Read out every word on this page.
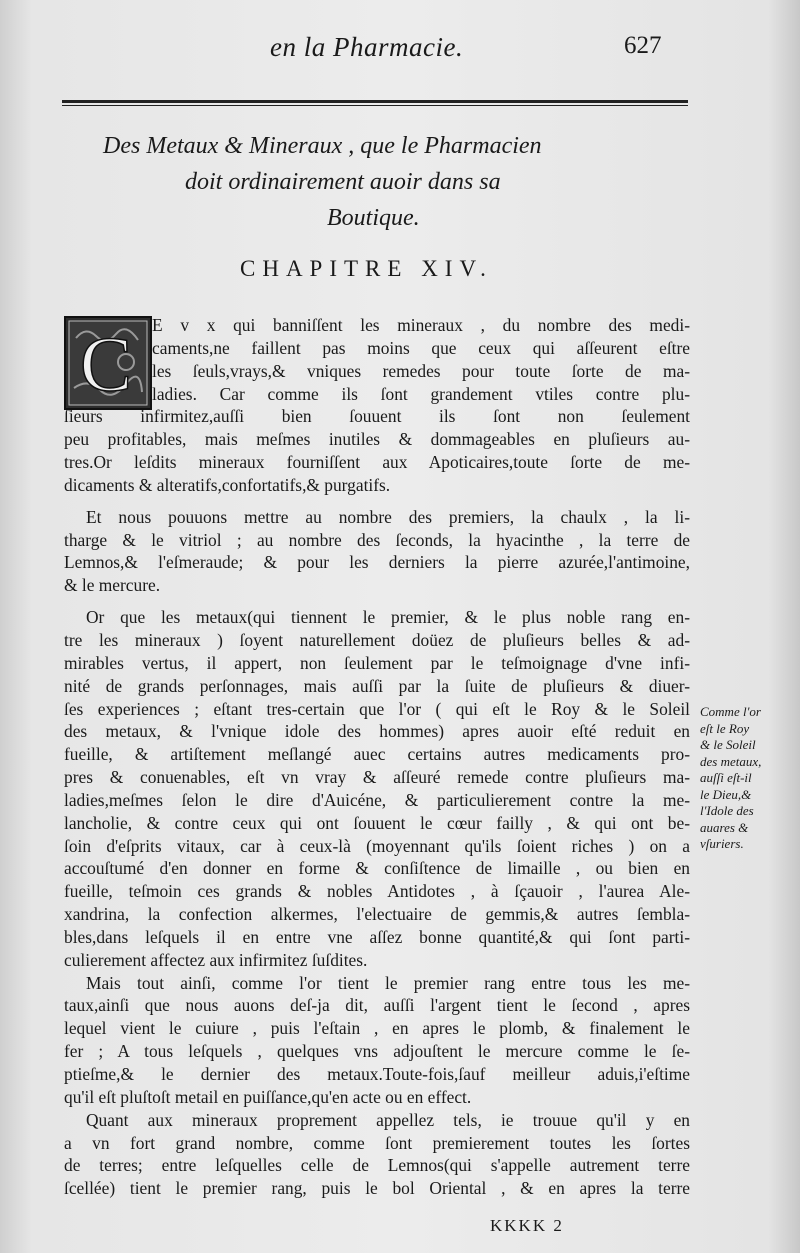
en la Pharmacie.	627
Des Metaux & Mineraux , que le Pharmacien
doit ordinairement auoir dans sa
Boutique.
CHAPITRE XIV.
C E v x qui banniſſent les mineraux , du nombre des medi-
caments,ne faillent pas moins que ceux qui aſſeurent eſtre
les ſeuls,vrays,& vniques remedes pour toute ſorte de ma-
ladies. Car comme ils ſont grandement vtiles contre plu-
ſieurs infirmitez,auſſi bien ſouuent ils ſont non ſeulement
peu profitables, mais meſmes inutiles & dommageables en pluſieurs au-
tres.Or leſdits mineraux fourniſſent aux Apoticaires,toute ſorte de me-
dicaments & alteratifs,confortatifs,& purgatifs.
Et nous pouuons mettre au nombre des premiers, la chaulx , la li-
tharge & le vitriol ; au nombre des ſeconds, la hyacinthe , la terre de
Lemnos,& l'eſmeraude; & pour les derniers la pierre azurée,l'antimoine,
& le mercure.
Or que les metaux(qui tiennent le premier, & le plus noble rang en-
tre les mineraux ) ſoyent naturellement doüez de pluſieurs belles & ad-
mirables vertus, il appert, non ſeulement par le teſmoignage d'vne infi-
nité de grands perſonnages, mais auſſi par la ſuite de pluſieurs & diuer-
ſes experiences ; eſtant tres-certain que l'or ( qui eſt le Roy & le Soleil
des metaux, & l'vnique idole des hommes) apres auoir eſté reduit en
fueille, & artiſtement meſlangé auec certains autres medicaments pro-
pres & conuenables, eſt vn vray & aſſeuré remede contre pluſieurs ma-
ladies,meſmes ſelon le dire d'Auicéne, & particulierement contre la me-
lancholie, & contre ceux qui ont ſouuent le cœur failly , & qui ont be-
ſoin d'eſprits vitaux, car à ceux-là (moyennant qu'ils ſoient riches ) on a
accouſtumé d'en donner en forme & conſiſtence de limaille , ou bien en
fueille, teſmoin ces grands & nobles Antidotes , à ſçauoir , l'aurea Ale-
xandrina, la confection alkermes, l'electuaire de gemmis,& autres ſembla-
bles,dans leſquels il en entre vne aſſez bonne quantité,& qui ſont parti-
culierement affectez aux infirmitez ſuſdites.
Mais tout ainſi, comme l'or tient le premier rang entre tous les me-
taux,ainſi que nous auons deſ-ja dit, auſſi l'argent tient le ſecond , apres
lequel vient le cuiure , puis l'eſtain , en apres le plomb, & finalement le
fer ; A tous leſquels , quelques vns adjouſtent le mercure comme le ſe-
ptieſme,& le dernier des metaux.Toute-fois,ſauf meilleur aduis,i'eſtime
qu'il eſt pluſtoſt metail en puiſſance,qu'en acte ou en effect.
Quant aux mineraux proprement appellez tels, ie trouue qu'il y en
a vn fort grand nombre, comme ſont premierement toutes les ſortes
de terres; entre leſquelles celle de Lemnos(qui s'appelle autrement terre
ſcellée) tient le premier rang, puis le bol Oriental , & en apres la terre
Comme l'or
eſt le Roy
& le Soleil
des metaux,
auſſi eſt-il
le Dieu,&
l'Idole des
auares &
vſuriers.
KKKK 2
